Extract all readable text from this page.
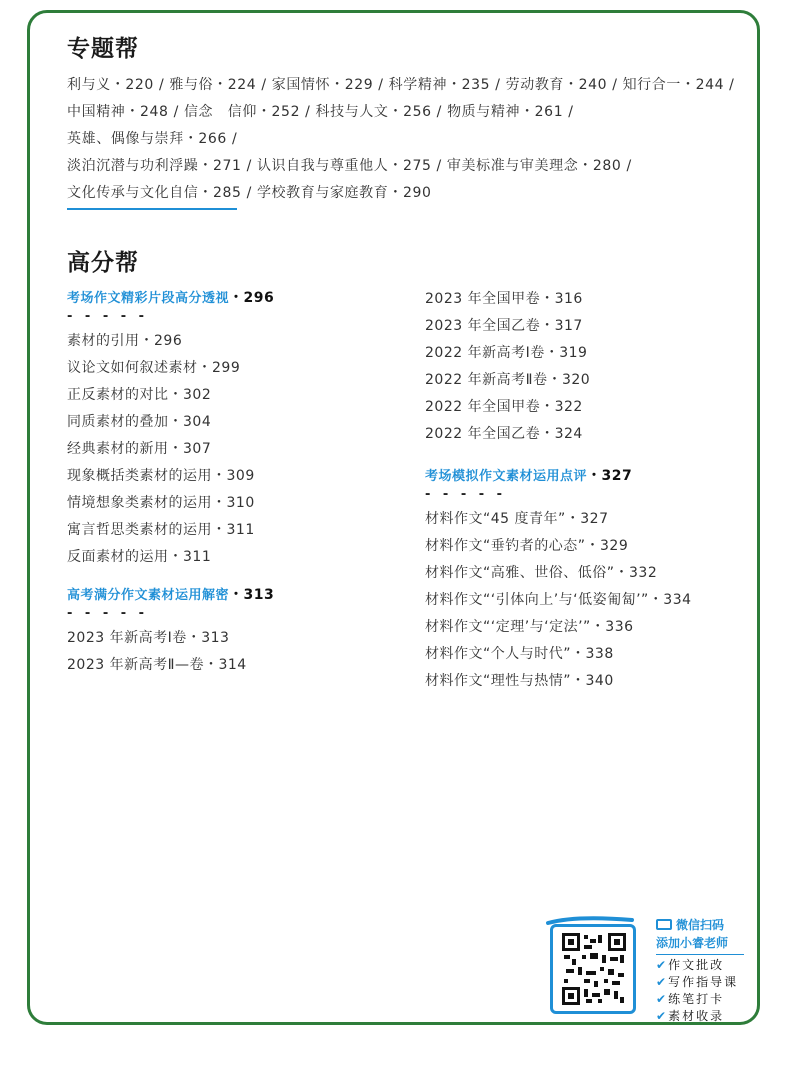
专题帮
利与义・220 / 雅与俗・224 / 家国情怀・229 / 科学精神・235 / 劳动教育・240 / 知行合一・244 /
中国精神・248 / 信念　信仰・252 / 科技与人文・256 / 物质与精神・261 / 英雄、偶像与崇拜・266 /
淡泊沉潜与功利浮躁・271 / 认识自我与尊重他人・275 / 审美标准与审美理念・280 /
文化传承与文化自信・285 / 学校教育与家庭教育・290
高分帮
考场作文精彩片段高分透视・296
- - - - -
素材的引用・296
议论文如何叙述素材・299
正反素材的对比・302
同质素材的叠加・304
经典素材的新用・307
现象概括类素材的运用・309
情境想象类素材的运用・310
寓言哲思类素材的运用・311
反面素材的运用・311
高考满分作文素材运用解密・313
- - - - -
2023 年新高考Ⅰ卷・313
2023 年新高考Ⅱ—卷・314
2023 年全国甲卷・316
2023 年全国乙卷・317
2022 年新高考Ⅰ卷・319
2022 年新高考Ⅱ卷・320
2022 年全国甲卷・322
2022 年全国乙卷・324
考场模拟作文素材运用点评・327
- - - - -
材料作文“45 度青年”・327
材料作文“垂钓者的心态”・329
材料作文“高雅、世俗、低俗”・332
材料作文“‘引体向上’与‘低姿匍匐’”・334
材料作文“‘定理’与‘定法’”・336
材料作文“个人与时代”・338
材料作文“理性与热情”・340
微信扫码
添加小睿老师
✔ 作文批改
✔ 写作指导课
✔ 练笔打卡
✔ 素材收录
